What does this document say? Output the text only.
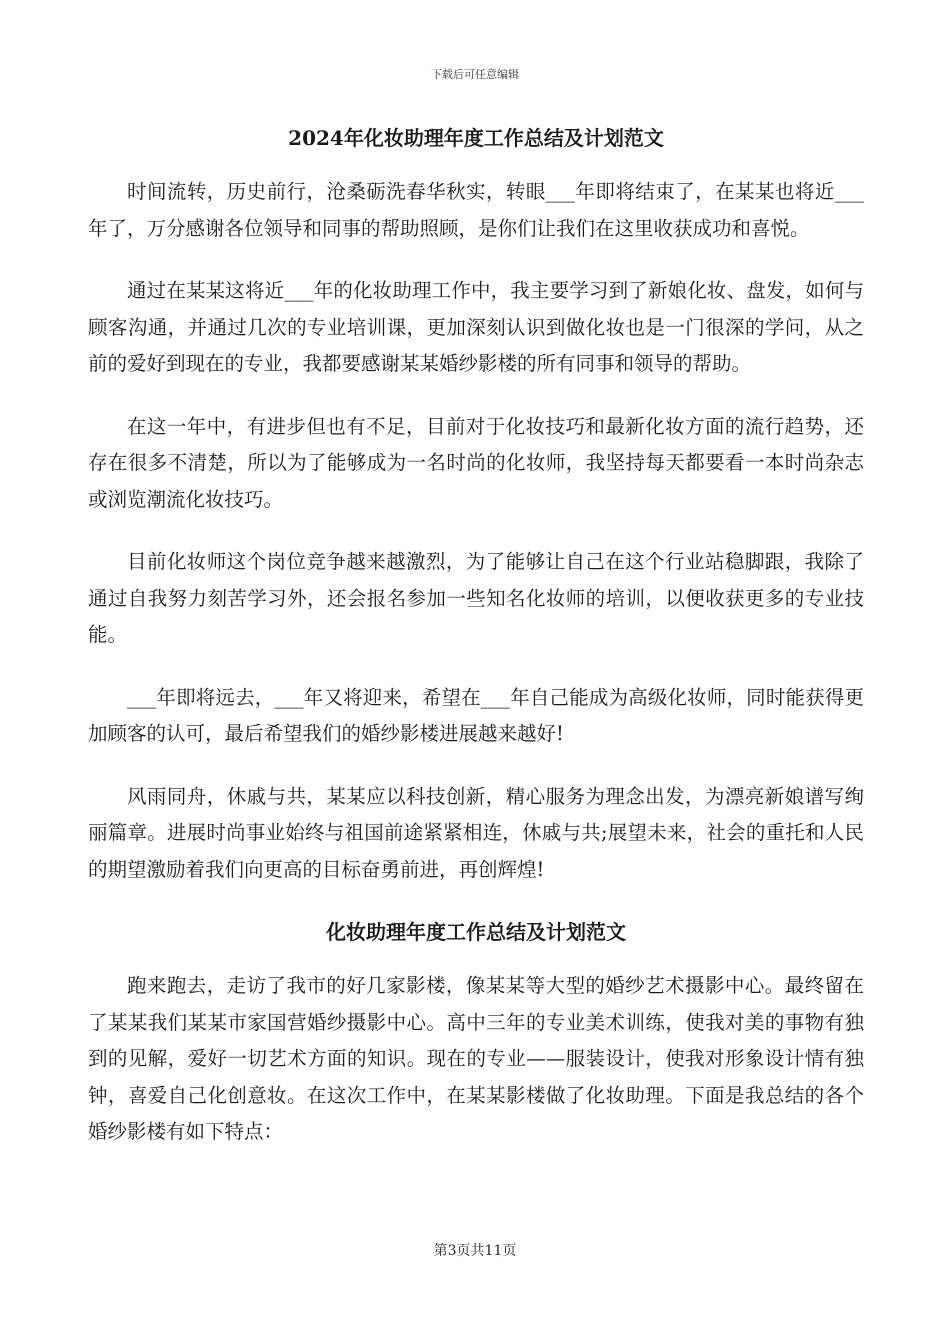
下载后可任意编辑
2024年化妆助理年度工作总结及计划范文

时间流转，历史前行，沧桑砺洗春华秋实，转眼___年即将结束了，在某某也将近___年了，万分感谢各位领导和同事的帮助照顾，是你们让我们在这里收获成功和喜悦。

通过在某某这将近___年的化妆助理工作中，我主要学习到了新娘化妆、盘发，如何与顾客沟通，并通过几次的专业培训课，更加深刻认识到做化妆也是一门很深的学问，从之前的爱好到现在的专业，我都要感谢某某婚纱影楼的所有同事和领导的帮助。

在这一年中，有进步但也有不足，目前对于化妆技巧和最新化妆方面的流行趋势，还存在很多不清楚，所以为了能够成为一名时尚的化妆师，我坚持每天都要看一本时尚杂志或浏览潮流化妆技巧。

目前化妆师这个岗位竞争越来越激烈，为了能够让自己在这个行业站稳脚跟，我除了通过自我努力刻苦学习外，还会报名参加一些知名化妆师的培训，以便收获更多的专业技能。

___年即将远去，___年又将迎来，希望在___年自己能成为高级化妆师，同时能获得更加顾客的认可，最后希望我们的婚纱影楼进展越来越好!

风雨同舟，休戚与共，某某应以科技创新，精心服务为理念出发，为漂亮新娘谱写绚丽篇章。进展时尚事业始终与祖国前途紧紧相连，休戚与共;展望未来，社会的重托和人民的期望激励着我们向更高的目标奋勇前进，再创辉煌!

化妆助理年度工作总结及计划范文

跑来跑去，走访了我市的好几家影楼，像某某等大型的婚纱艺术摄影中心。最终留在了某某我们某某市家国营婚纱摄影中心。高中三年的专业美术训练，使我对美的事物有独到的见解，爱好一切艺术方面的知识。现在的专业——服装设计，使我对形象设计情有独钟，喜爱自己化创意妆。在这次工作中，在某某影楼做了化妆助理。下面是我总结的各个婚纱影楼有如下特点：

第3页共11页
